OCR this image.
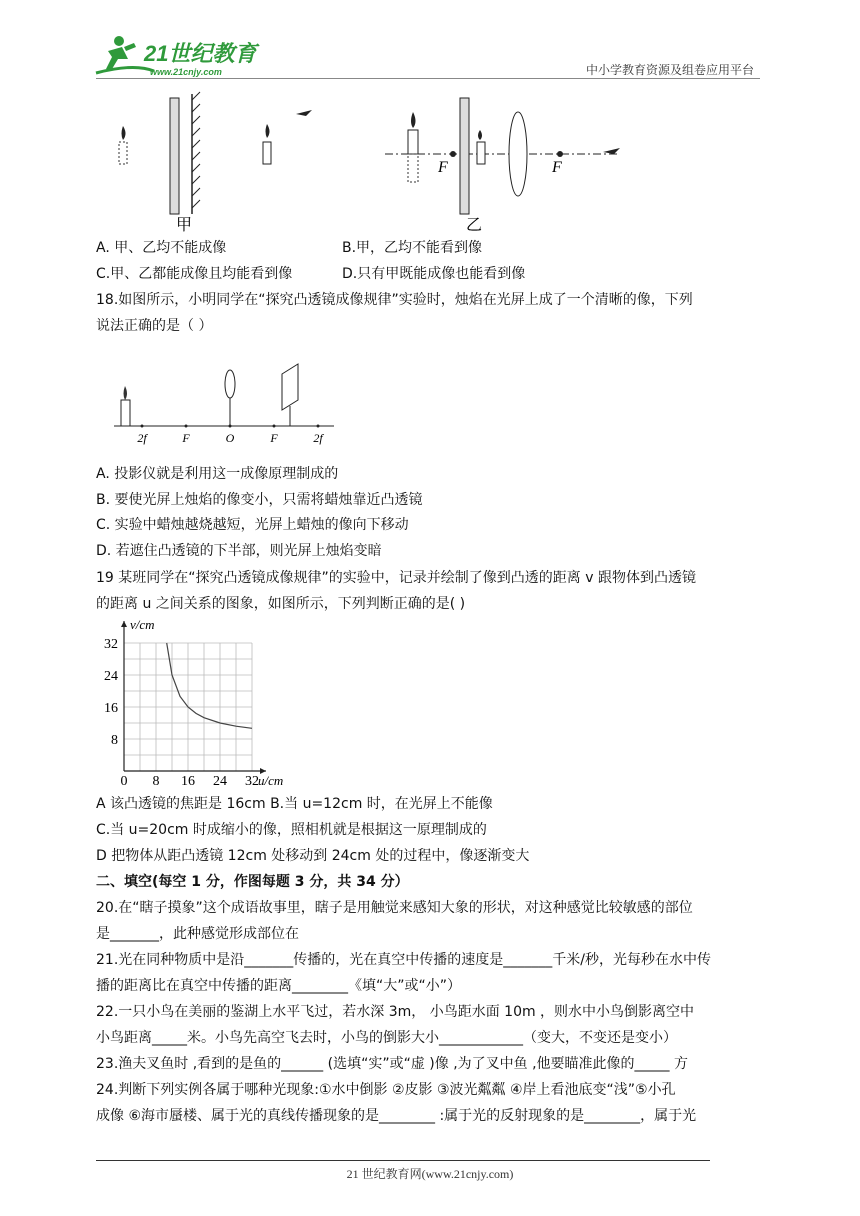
21世纪教育
www.21cnjy.com	中小学教育资源及组卷应用平台
甲
F	F
乙
A. 甲、乙均不能成像	B.甲，乙均不能看到像
C.甲、乙都能成像且均能看到像	D.只有甲既能成像也能看到像
18.如图所示，小明同学在“探究凸透镜成像规律”实验时，烛焰在光屏上成了一个清晰的像，下列
说法正确的是（ ）
2f	F	O	F	2f
A. 投影仪就是利用这一成像原理制成的
B. 要使光屏上烛焰的像变小，只需将蜡烛靠近凸透镜
C. 实验中蜡烛越烧越短，光屏上蜡烛的像向下移动
D. 若遮住凸透镜的下半部，则光屏上烛焰变暗
19 某班同学在“探究凸透镜成像规律”的实验中，记录并绘制了像到凸透的距离 v 跟物体到凸透镜
的距离 u 之间关系的图象，如图所示，下列判断正确的是( )
0 8 16 24 32
32
24
16
8
v/cm
u/cm
A 该凸透镜的焦距是 16cm B.当 u=12cm 时，在光屏上不能像
C.当 u=20cm 时成缩小的像，照相机就是根据这一原理制成的
D 把物体从距凸透镜 12cm 处移动到 24cm 处的过程中，像逐渐变大
二、填空(每空 1 分，作图每题 3 分，共 34 分）
20.在“瞎子摸象”这个成语故事里，瞎子是用触觉来感知大象的形状，对这种感觉比较敏感的部位
是_______，此种感觉形成部位在
21.光在同种物质中是沿_______传播的，光在真空中传播的速度是_______千米/秒，光每秒在水中传
播的距离比在真空中传播的距离________《填“大”或“小”）
22.一只小鸟在美丽的鉴湖上水平飞过，若水深 3m， 小鸟距水面 10m ，则水中小鸟倒影离空中
小鸟距离_____米。小鸟先高空飞去时，小鸟的倒影大小____________（变大，不变还是变小）
23.渔夫叉鱼时 ,看到的是鱼的______ (选填“实”或“虚 )像 ,为了叉中鱼 ,他要瞄准此像的_____ 方
24.判断下列实例各属于哪种光现象:①水中倒影 ②皮影 ③波光粼粼 ④岸上看池底变“浅”⑤小孔
成像 ⑥海市蜃楼、属于光的真线传播现象的是________ :属于光的反射现象的是________，属于光
21 世纪教育网(www.21cnjy.com)
